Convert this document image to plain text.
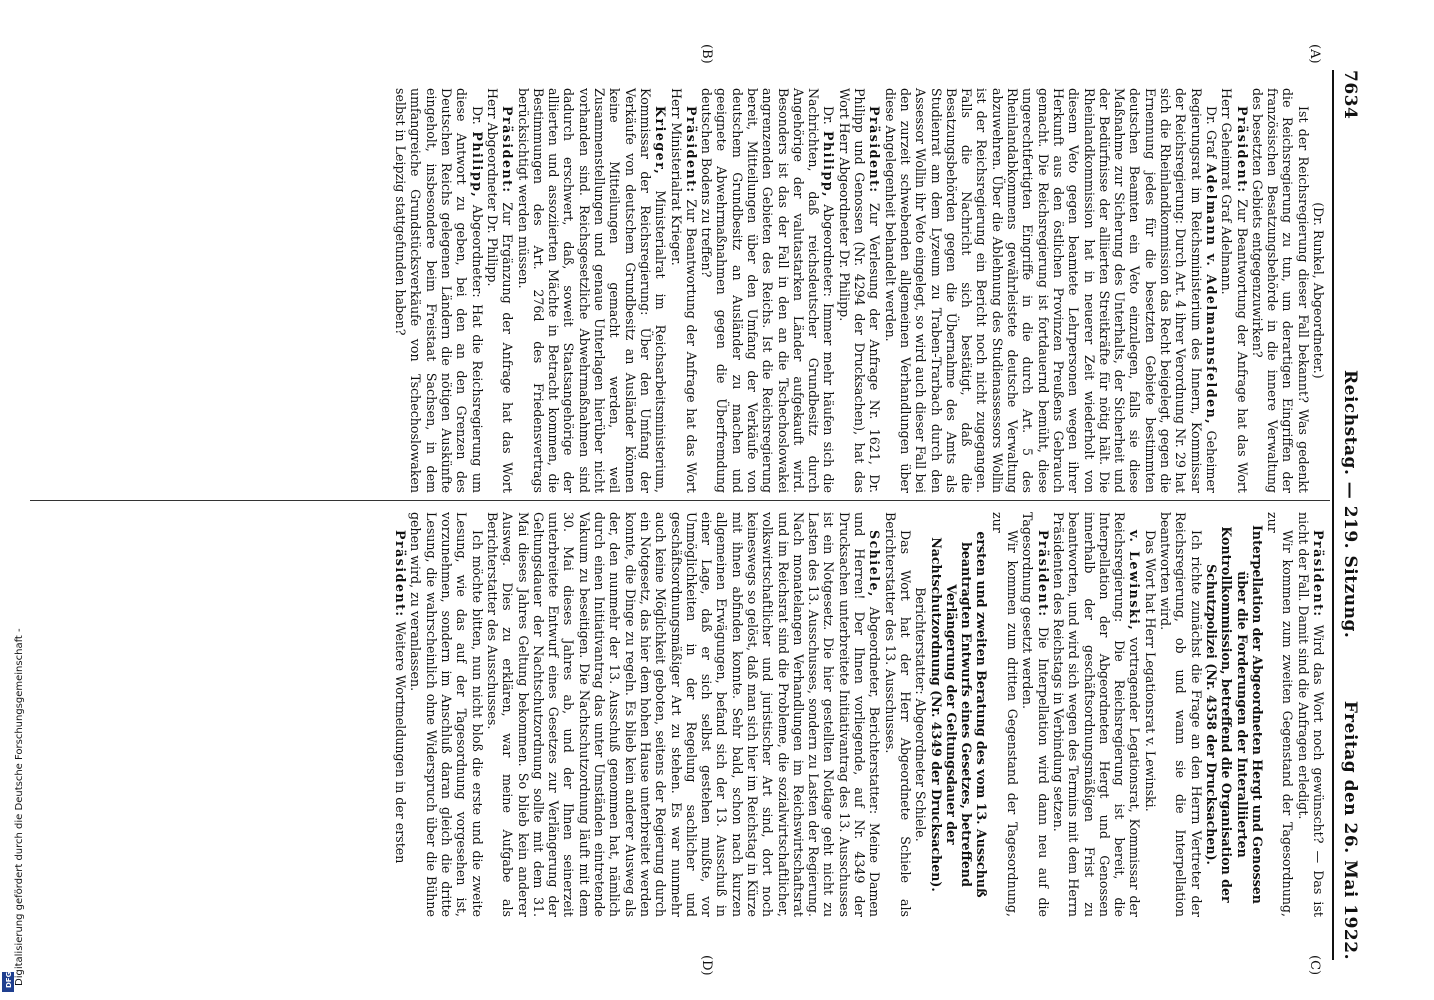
7634
Reichstag. — 219. Sitzung.
Freitag den 26. Mai 1922.
(A)
(B)
(C)
(D)

(Dr. Runkel, Abgeordneter.)

Ist der Reichsregierung dieser Fall bekannt? Was gedenkt die Reichsregierung zu tun, um derartigen Eingriffen der französischen Besatzungsbehörde in die innere Verwaltung des besetzten Gebiets entgegenzuwirken?

Präsident: Zur Beantwortung der Anfrage hat das Wort Herr Geheimrat Graf Adelmann.

Dr. Graf Adelmann v. Adelmannsfelden, Geheimer Regierungsrat im Reichsministerium des Innern, Kommissar der Reichsregierung: Durch Art. 4 ihrer Verordnung Nr. 29 hat sich die Rheinlandkommission das Recht beigelegt, gegen die Ernennung jedes für die besetzten Gebiete bestimmten deutschen Beamten ein Veto einzulegen, falls sie diese Maßnahme zur Sicherung des Unterhalts, der Sicherheit und der Bedürfnisse der alliierten Streitkräfte für nötig hält. Die Rheinlandkommission hat in neuerer Zeit wiederholt von diesem Veto gegen beamtete Lehrpersonen wegen ihrer Herkunft aus den östlichen Provinzen Preußens Gebrauch gemacht. Die Reichsregierung ist fortdauernd bemüht, diese ungerechtfertigten Eingriffe in die durch Art. 5 des Rheinlandabkommens gewährleistete deutsche Verwaltung abzuwehren. Über die Ablehnung des Studienassessors Wollin ist der Reichsregierung ein Bericht noch nicht zugegangen. Falls die Nachricht sich bestätigt, daß die Besatzungsbehörden gegen die Übernahme des Amts als Studienrat am dem Lyzeum zu Traben-Trarbach durch den Assessor Wollin ihr Veto eingelegt, so wird auch dieser Fall bei den zurzeit schwebenden allgemeinen Verhandlungen über diese Angelegenheit behandelt werden.

Präsident: Zur Verlesung der Anfrage Nr. 1621, Dr. Philipp und Genossen (Nr. 4294 der Drucksachen), hat das Wort Herr Abgeordneter Dr. Philipp.

Dr. Philipp, Abgeordneter: Immer mehr häufen sich die Nachrichten, daß reichsdeutscher Grundbesitz durch Angehörige der valutastarken Länder aufgekauft wird. Besonders ist das der Fall in den an die Tschechoslowakei angrenzenden Gebieten des Reichs. Ist die Reichsregierung bereit, Mitteilungen über den Umfang der Verkäufe von deutschem Grundbesitz an Ausländer zu machen und geeignete Abwehrmaßnahmen gegen die Überfremdung deutschen Bodens zu treffen?

Präsident: Zur Beantwortung der Anfrage hat das Wort Herr Ministerialrat Krieger.

Krieger, Ministerialrat im Reichsarbeitsministerium, Kommissar der Reichsregierung: Über den Umfang der Verkäufe von deutschem Grundbesitz an Ausländer können keine Mitteilungen gemacht werden, weil Zusammenstellungen und genaue Unterlagen hierüber nicht vorhanden sind. Reichsgesetzliche Abwehrmaßnahmen sind dadurch erschwert, daß, soweit Staatsangehörige der alliierten und assoziierten Mächte in Betracht kommen, die Bestimmungen des Art. 276d des Friedensvertrags berücksichtigt werden müssen.

Präsident: Zur Ergänzung der Anfrage hat das Wort Herr Abgeordneter Dr. Philipp.

Dr. Philipp, Abgeordneter: Hat die Reichsregierung um diese Antwort zu geben, bei den an den Grenzen des Deutschen Reichs gelegenen Ländern die nötigen Auskünfte eingeholt, insbesondere beim Freistaat Sachsen, in dem umfangreiche Grundstücksverkäufe von Tschechoslowaken selbst in Leipzig stattgefunden haben?

Präsident: Wird das Wort noch gewünscht? — Das ist nicht der Fall. Damit sind die Anfragen erledigt.

Wir kommen zum zweiten Gegenstand der Tagesordnung, zur

Interpellation der Abgeordneten Hergt und Genossen über die Forderungen der Interalliierten Kontrollkommission, betreffend die Organisation der Schutzpolizei (Nr. 4358 der Drucksachen).

Ich richte zunächst die Frage an den Herrn Vertreter der Reichsregierung, ob und wann sie die Interpellation beantworten wird.

Das Wort hat Herr Legationsrat v. Lewinski.

v. Lewinski, vortragender Legationsrat, Kommissar der Reichsregierung: Die Reichsregierung ist bereit, die Interpellation der Abgeordneten Hergt und Genossen innerhalb der geschäftsordnungsmäßigen Frist zu beantworten, und wird sich wegen des Termins mit dem Herrn Präsidenten des Reichstags in Verbindung setzen.

Präsident: Die Interpellation wird dann neu auf die Tagesordnung gesetzt werden.

Wir kommen zum dritten Gegenstand der Tagesordnung, zur

ersten und zweiten Beratung des vom 13. Ausschuß beantragten Entwurfs eines Gesetzes, betreffend Verlängerung der Geltungsdauer der Nachtschutzordnung (Nr. 4349 der Drucksachen).

Berichterstatter: Abgeordneter Schiele.

Das Wort hat der Herr Abgeordnete Schiele als Berichterstatter des 13. Ausschusses.

Schiele, Abgeordneter, Berichterstatter: Meine Damen und Herren! Der Ihnen vorliegende, auf Nr. 4349 der Drucksachen unterbreitete Initiativantrag des 13. Ausschusses ist ein Notgesetz. Die hier gestellten Notlage geht nicht zu Lasten des 13. Ausschusses, sondern zu Lasten der Regierung. Nach monatelangen Verhandlungen im Reichswirtschaftsrat und im Reichsrat sind die Probleme, die sozialwirtschaftlicher, volkswirtschaftlicher und juristischer Art sind, dort noch keineswegs so gelöst, daß man sich hier im Reichstag in Kürze mit ihnen abfinden konnte. Sehr bald, schon nach kurzen allgemeinen Erwägungen, befand sich der 13. Ausschuß in einer Lage, daß er sich selbst gestehen mußte, vor Unmöglichkeiten in der Regelung sachlicher und geschäftsordnungsmäßiger Art zu stehen. Es war nunmehr auch keine Möglichkeit geboten, seitens der Regierung durch ein Notgesetz, das hier dem hohen Hause unterbreitet werden konnte, die Dinge zu regeln. Es blieb kein anderer Ausweg als der, den nunmehr der 13. Ausschuß genommen hat, nämlich durch einen Initiativantrag das unter Umständen eintretende Vakuum zu beseitigen. Die Nachtschutzordnung läuft mit dem 30. Mai dieses Jahres ab, und der Ihnen seinerzeit unterbreitete Entwurf eines Gesetzes zur Verlängerung der Geltungsdauer der Nachtschutzordnung sollte mit dem 31. Mai dieses Jahres Geltung bekommen. So blieb kein anderer Ausweg. Dies zu erklären, war meine Aufgabe als Berichterstatter des Ausschusses.

Ich möchte bitten, nun nicht bloß die erste und die zweite Lesung, wie das auf der Tagesordnung vorgesehen ist, vorzunehmen, sondern im Anschluß daran gleich die dritte Lesung, die wahrscheinlich ohne Widerspruch über die Bühne gehen wird, zu veranlassen.

Präsident: Weitere Wortmeldungen in der ersten

Digitalisierung gefördert durch die Deutsche Forschungsgemeinschaft -
DFG
